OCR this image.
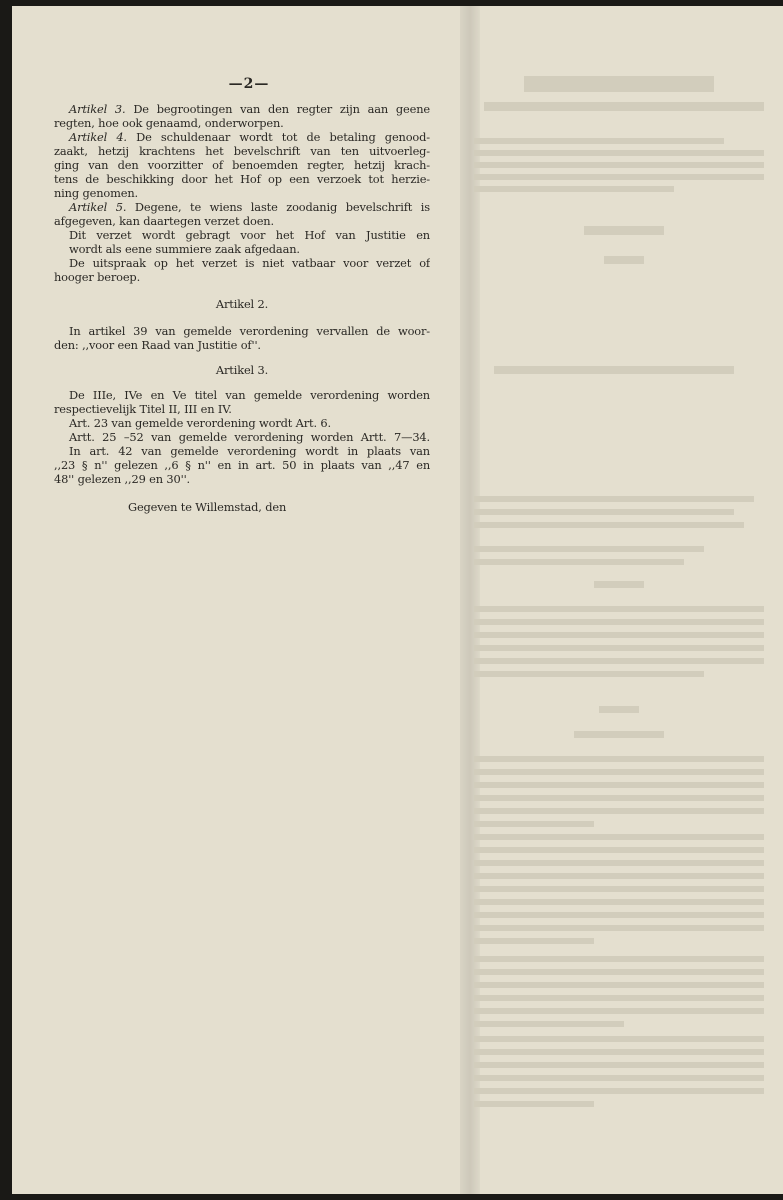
—2—
Artikel 3. De begrootingen van den regter zijn aan geene
regten, hoe ook genaamd, onderworpen.
Artikel 4. De schuldenaar wordt tot de betaling genood-
zaakt, hetzij krachtens het bevelschrift van ten uitvoerleg-
ging van den voorzitter of benoemden regter, hetzij krach-
tens de beschikking door het Hof op een verzoek tot herzie-
ning genomen.
Artikel 5. Degene, te wiens laste zoodanig bevelschrift is
afgegeven, kan daartegen verzet doen.
Dit verzet wordt gebragt voor het Hof van Justitie en
wordt als eene summiere zaak afgedaan.
De uitspraak op het verzet is niet vatbaar voor verzet of
hooger beroep.
Artikel 2.
In artikel 39 van gemelde verordening vervallen de woor-
den: ,,voor een Raad van Justitie of''.
Artikel 3.
De IIIe, IVe en Ve titel van gemelde verordening worden
respectievelijk Titel II, III en IV.
Art. 23 van gemelde verordening wordt Art. 6.
Artt. 25 –52 van gemelde verordening worden Artt. 7—34.
In art. 42 van gemelde verordening wordt in plaats van
,,23 § n'' gelezen ,,6 § n'' en in art. 50 in plaats van ,,47 en
48'' gelezen ,,29 en 30''.
Gegeven te Willemstad, den
